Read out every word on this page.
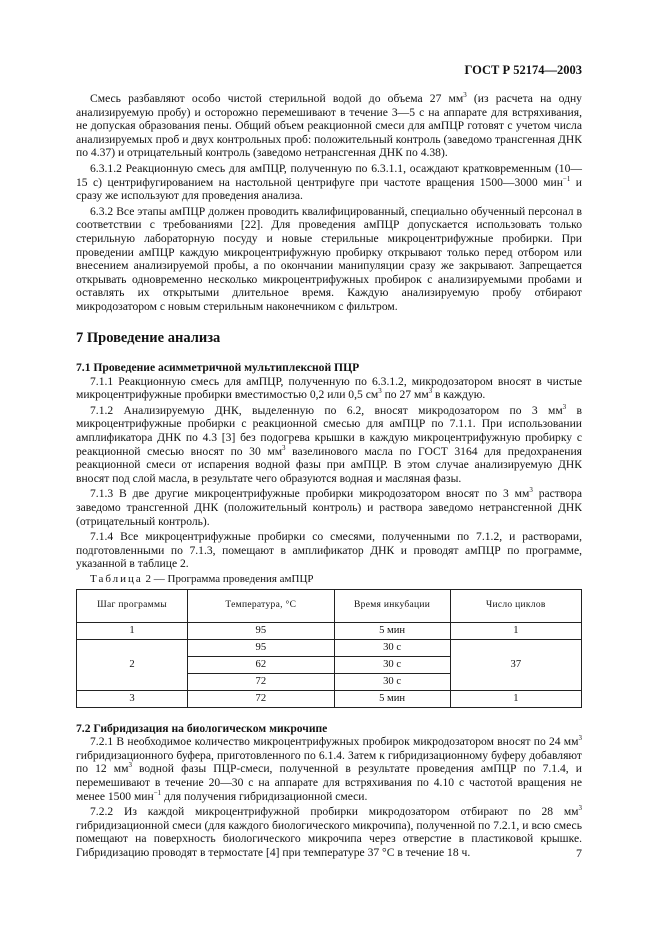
ГОСТ Р 52174—2003

Смесь разбавляют особо чистой стерильной водой до объема 27 $мм^3$ (из расчета на одну анализируемую пробу) и осторожно перемешивают в течение 3—5 с на аппарате для встряхивания, не допуская образования пены. Общий объем реакционной смеси для амПЦР готовят с учетом числа анализируемых проб и двух контрольных проб: положительный контроль (заведомо трансгенная ДНК по 4.37) и отрицательный контроль (заведомо нетрансгенная ДНК по 4.38).

6.3.1.2 Реакционную смесь для амПЦР, полученную по 6.3.1.1, осаждают кратковременным (10—15 с) центрифугированием на настольной центрифуге при частоте вращения 1500—3000 мин$^{-1}$ и сразу же используют для проведения анализа.

6.3.2 Все этапы амПЦР должен проводить квалифицированный, специально обученный персонал в соответствии с требованиями [22]. Для проведения амПЦР допускается использовать только стерильную лабораторную посуду и новые стерильные микроцентрифужные пробирки. При проведении амПЦР каждую микроцентрифужную пробирку открывают только перед отбором или внесением анализируемой пробы, а по окончании манипуляции сразу же закрывают. Запрещается открывать одновременно несколько микроцентрифужных пробирок с анализируемыми пробами и оставлять их открытыми длительное время. Каждую анализируемую пробу отбирают микродозатором с новым стерильным наконечником с фильтром.

7 Проведение анализа
7.1 Проведение асимметричной мультиплексной ПЦР

7.1.1 Реакционную смесь для амПЦР, полученную по 6.3.1.2, микродозатором вносят в чистые микроцентрифужные пробирки вместимостью 0,2 или 0,5 $см^3$ по 27 $мм^3$ в каждую.

7.1.2 Анализируемую ДНК, выделенную по 6.2, вносят микродозатором по 3 $мм^3$ в микроцентрифужные пробирки с реакционной смесью для амПЦР по 7.1.1. При использовании амплификатора ДНК по 4.3 [3] без подогрева крышки в каждую микроцентрифужную пробирку с реакционной смесью вносят по 30 $мм^3$ вазелинового масла по ГОСТ 3164 для предохранения реакционной смеси от испарения водной фазы при амПЦР. В этом случае анализируемую ДНК вносят под слой масла, в результате чего образуются водная и масляная фазы.

7.1.3 В две другие микроцентрифужные пробирки микродозатором вносят по 3 $мм^3$ раствора заведомо трансгенной ДНК (положительный контроль) и раствора заведомо нетрансгенной ДНК (отрицательный контроль).

7.1.4 Все микроцентрифужные пробирки со смесями, полученными по 7.1.2, и растворами, подготовленными по 7.1.3, помещают в амплификатор ДНК и проводят амПЦР по программе, указанной в таблице 2.

Таблица 2 — Программа проведения амПЦР

Шаг программы	Температура, °С	Время инкубации	Число циклов
1	95	5 мин	1
2	95	30 с	37
	62	30 с	
	72	30 с	
3	72	5 мин	1
7.2 Гибридизация на биологическом микрочипе

7.2.1 В необходимое количество микроцентрифужных пробирок микродозатором вносят по 24 $мм^3$ гибридизационного буфера, приготовленного по 6.1.4. Затем к гибридизационному буферу добавляют по 12 $мм^3$ водной фазы ПЦР-смеси, полученной в результате проведения амПЦР по 7.1.4, и перемешивают в течение 20—30 с на аппарате для встряхивания по 4.10 с частотой вращения не менее 1500 мин$^{-1}$ для получения гибридизационной смеси.

7.2.2 Из каждой микроцентрифужной пробирки микродозатором отбирают по 28 $мм^3$ гибридизационной смеси (для каждого биологического микрочипа), полученной по 7.2.1, и всю смесь помещают на поверхность биологического микрочипа через отверстие в пластиковой крышке. Гибридизацию проводят в термостате [4] при температуре 37 °С в течение 18 ч.	7
